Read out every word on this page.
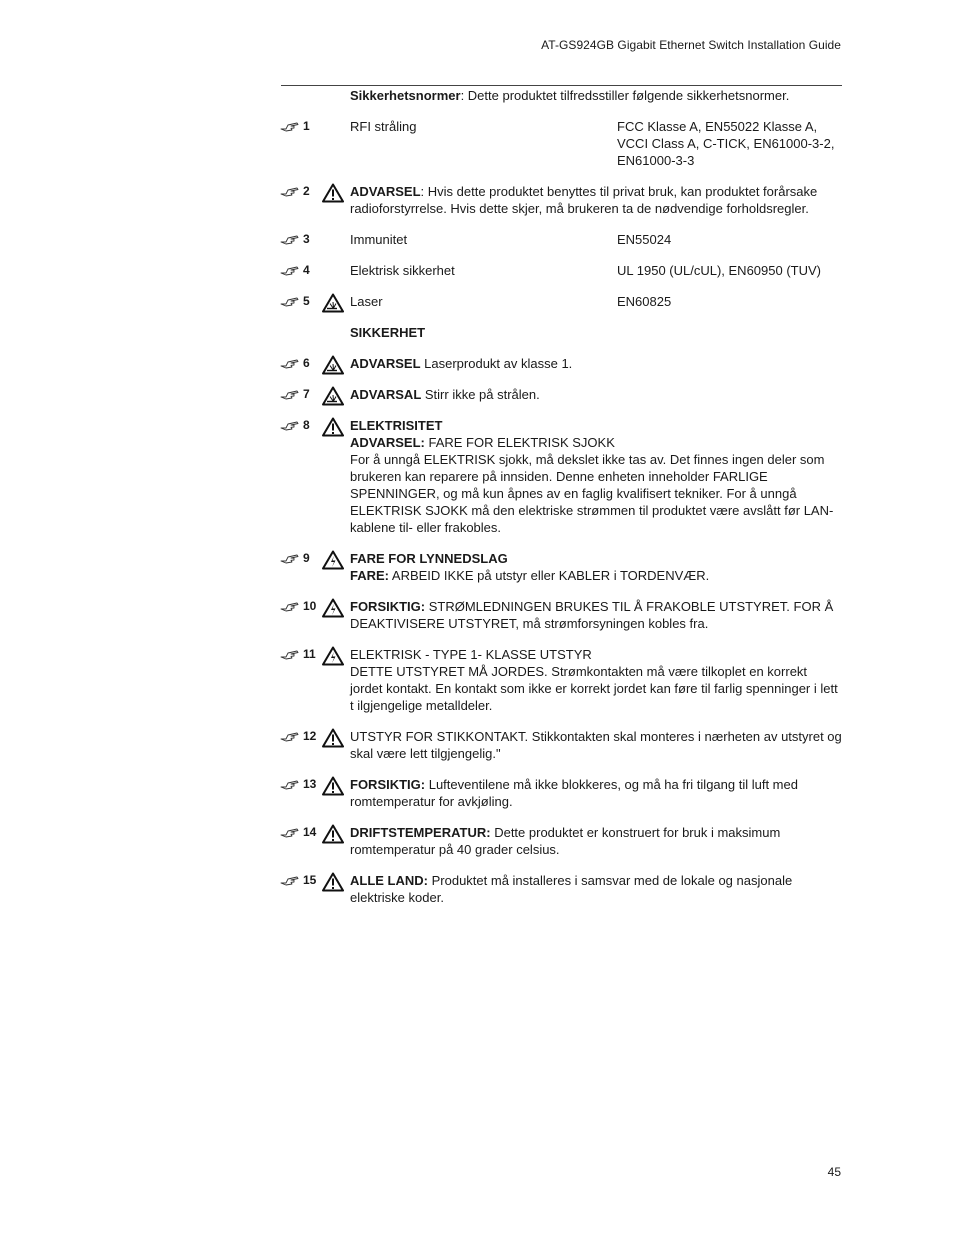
AT-GS924GB Gigabit Ethernet Switch Installation Guide
Sikkerhetsnormer: Dette produktet tilfredsstiller følgende sikkerhetsnormer.
1	RFI stråling	FCC Klasse A, EN55022 Klasse A, VCCI Class A, C-TICK, EN61000-3-2, EN61000-3-3
2	ADVARSEL: Hvis dette produktet benyttes til privat bruk, kan produktet forårsake radioforstyrrelse. Hvis dette skjer, må brukeren ta de nødvendige forholdsregler.
3	Immunitet	EN55024
4	Elektrisk sikkerhet	UL 1950 (UL/cUL), EN60950 (TUV)
5	Laser	EN60825
SIKKERHET
6	ADVARSEL Laserprodukt av klasse 1.
7	ADVARSAL Stirr ikke på strålen.
8	ELEKTRISITET
ADVARSEL: FARE FOR ELEKTRISK SJOKK
For å unngå ELEKTRISK sjokk, må dekslet ikke tas av. Det finnes ingen deler som brukeren kan reparere på innsiden. Denne enheten inneholder FARLIGE SPENNINGER, og må kun åpnes av en faglig kvalifisert tekniker. For å unngå ELEKTRISK SJOKK må den elektriske strømmen til produktet være avslått før LAN-kablene til- eller frakobles.
9	FARE FOR LYNNEDSLAG
FARE: ARBEID IKKE på utstyr eller KABLER i TORDENVÆR.
10	FORSIKTIG: STRØMLEDNINGEN BRUKES TIL Å FRAKOBLE UTSTYRET. FOR Å DEAKTIVISERE UTSTYRET, må strømforsyningen kobles fra.
11	ELEKTRISK - TYPE 1- KLASSE UTSTYR
DETTE UTSTYRET MÅ JORDES. Strømkontakten må være tilkoplet en korrekt jordet kontakt. En kontakt som ikke er korrekt jordet kan føre til farlig spenninger i lett t ilgjengelige metalldeler.
12	UTSTYR FOR STIKKONTAKT. Stikkontakten skal monteres i nærheten av utstyret og skal være lett tilgjengelig."
13	FORSIKTIG: Lufteventilene må ikke blokkeres, og må ha fri tilgang til luft med romtemperatur for avkjøling.
14	DRIFTSTEMPERATUR: Dette produktet er konstruert for bruk i maksimum romtemperatur på 40 grader celsius.
15	ALLE LAND: Produktet må installeres i samsvar med de lokale og nasjonale elektriske koder.
45
